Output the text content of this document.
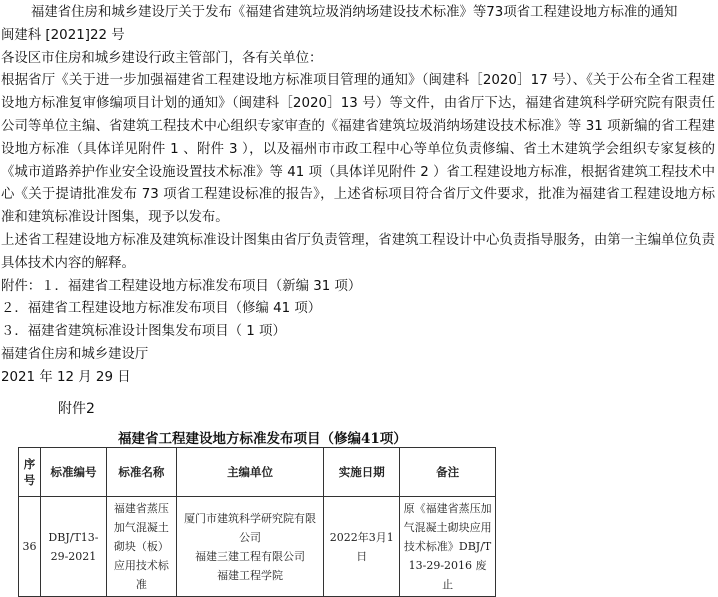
福建省住房和城乡建设厅关于发布《福建省建筑垃圾消纳场建设技术标准》等73项省工程建设地方标准的通知

闽建科 [2021]22 号

各设区市住房和城乡建设行政主管部门，各有关单位：

根据省厅《关于进一步加强福建省工程建设地方标准项目管理的通知》（闽建科［2020］17 号）、《关于公布全省工程建设地方标准复审修编项目计划的通知》（闽建科［2020］13 号）等文件，由省厅下达，福建省建筑科学研究院有限责任公司等单位主编、省建筑工程技术中心组织专家审查的《福建省建筑垃圾消纳场建设技术标准》等 31 项新编的省工程建设地方标准（具体详见附件 1 、附件 3 ），以及福州市市政工程中心等单位负责修编、省土木建筑学会组织专家复核的《城市道路养护作业安全设施设置技术标准》等 41 项（具体详见附件 2 ）省工程建设地方标准，根据省建筑工程技术中心《关于提请批准发布 73 项省工程建设标准的报告》，上述省标项目符合省厅文件要求，批准为福建省工程建设地方标准和建筑标准设计图集，现予以发布。

上述省工程建设地方标准及建筑标准设计图集由省厅负责管理，省建筑工程设计中心负责指导服务，由第一主编单位负责具体技术内容的解释。

附件：１．福建省工程建设地方标准发布项目（新编 31 项）

２．福建省工程建设地方标准发布项目（修编 41 项）

３．福建省建筑标准设计图集发布项目（ 1 项）

福建省住房和城乡建设厅

2021 年 12 月 29 日

附件2
福建省工程建设地方标准发布项目（修编41项）
序号	标准编号	标准名称	主编单位	实施日期	备注
36	DBJ/T13-29-2021	福建省蒸压加气混凝土砌块（板）应用技术标准	厦门市建筑科学研究院有限公司
福建三建工程有限公司
福建工程学院	2022年3月1日	原《福建省蒸压加气混凝土砌块应用技术标准》DBJ/T 13-29-2016 废止
